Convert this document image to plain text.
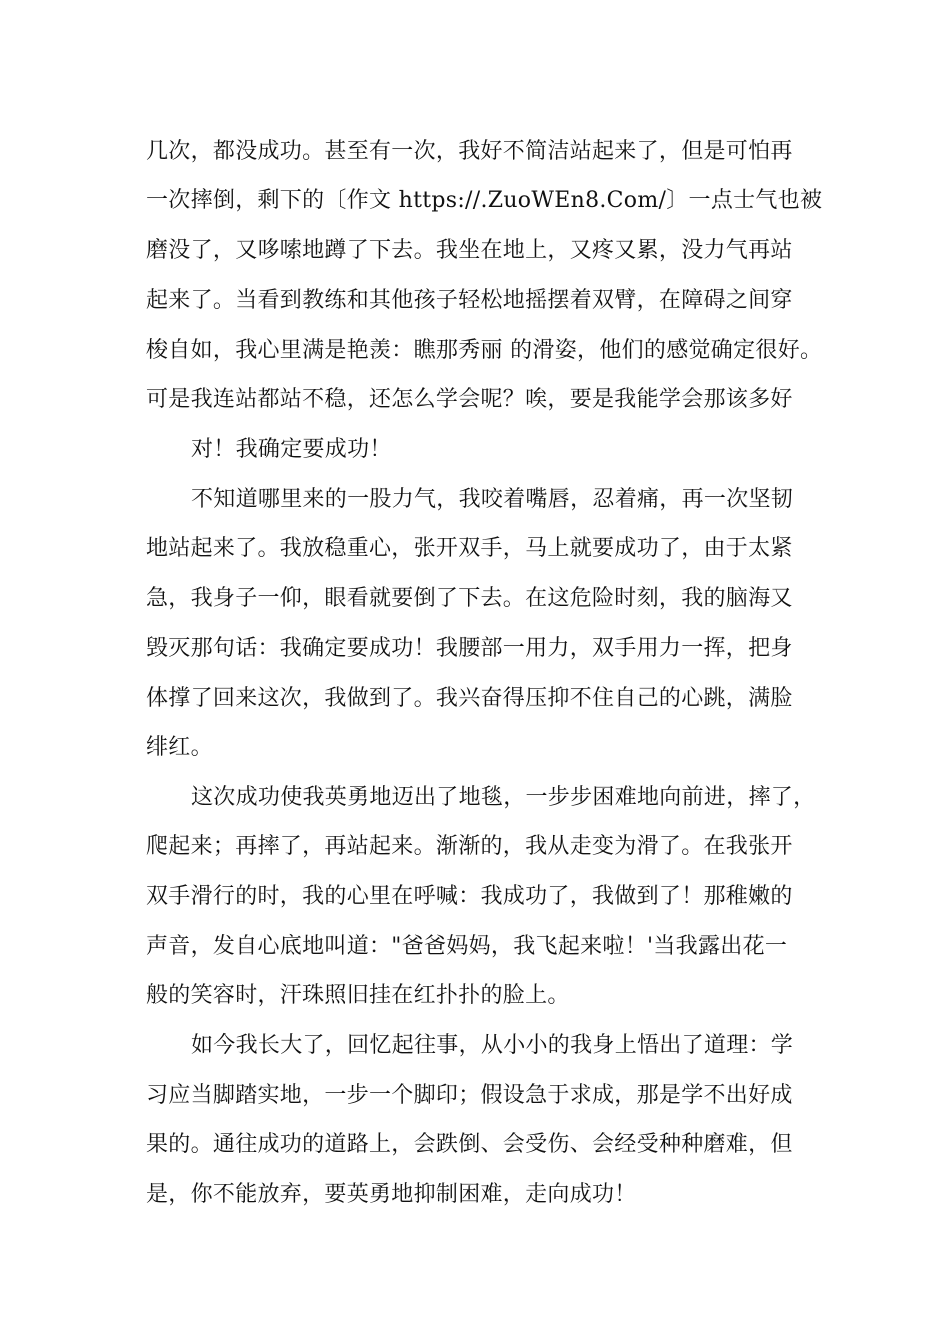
几次，都没成功。甚至有一次，我好不简洁站起来了，但是可怕再
一次摔倒，剩下的〔作文 https://.ZuoWEn8.Com/〕一点士气也被
磨没了，又哆嗦地蹲了下去。我坐在地上，又疼又累，没力气再站
起来了。当看到教练和其他孩子轻松地摇摆着双臂，在障碍之间穿
梭自如，我心里满是艳羡：瞧那秀丽 的滑姿，他们的感觉确定很好。
可是我连站都站不稳，还怎么学会呢？唉，要是我能学会那该多好
对！我确定要成功！
不知道哪里来的一股力气，我咬着嘴唇，忍着痛，再一次坚韧
地站起来了。我放稳重心，张开双手，马上就要成功了，由于太紧
急，我身子一仰，眼看就要倒了下去。在这危险时刻，我的脑海又
毁灭那句话：我确定要成功！我腰部一用力，双手用力一挥，把身
体撑了回来这次，我做到了。我兴奋得压抑不住自己的心跳，满脸
绯红。
这次成功使我英勇地迈出了地毯，一步步困难地向前进，摔了，
爬起来；再摔了，再站起来。渐渐的，我从走变为滑了。在我张开
双手滑行的时，我的心里在呼喊：我成功了，我做到了！那稚嫩的
声音，发自心底地叫道："爸爸妈妈，我飞起来啦！'当我露出花一
般的笑容时，汗珠照旧挂在红扑扑的脸上。
如今我长大了，回忆起往事，从小小的我身上悟出了道理：学
习应当脚踏实地，一步一个脚印；假设急于求成，那是学不出好成
果的。通往成功的道路上，会跌倒、会受伤、会经受种种磨难，但
是，你不能放弃，要英勇地抑制困难，走向成功！
